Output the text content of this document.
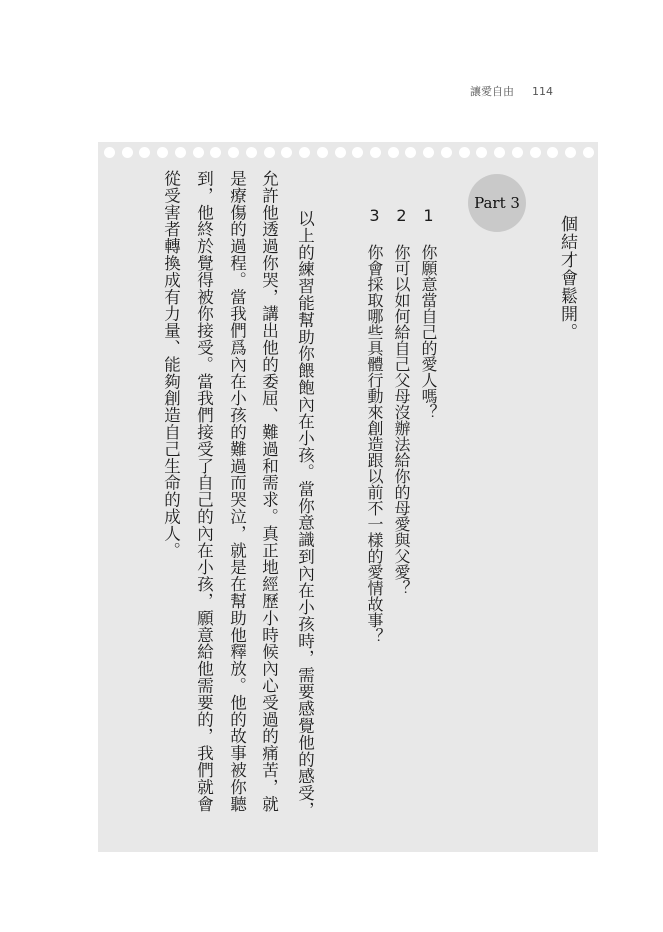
讓愛自由 114
個結才會鬆開。
Part 3
1 你願意當自己的愛人嗎？
2 你可以如何給自己父母沒辦法給你的母愛與父愛？
3 你會採取哪些具體行動來創造跟以前不一樣的愛情故事？
以上的練習能幫助你餵飽內在小孩。當你意識到內在小孩時，需要感覺他的感受，
允許他透過你哭，講出他的委屈、難過和需求。真正地經歷小時候內心受過的痛苦，就
是療傷的過程。當我們爲內在小孩的難過而哭泣，就是在幫助他釋放。他的故事被你聽
到，他終於覺得被你接受。當我們接受了自己的內在小孩，願意給他需要的，我們就會
從受害者轉換成有力量、能夠創造自己生命的成人。
